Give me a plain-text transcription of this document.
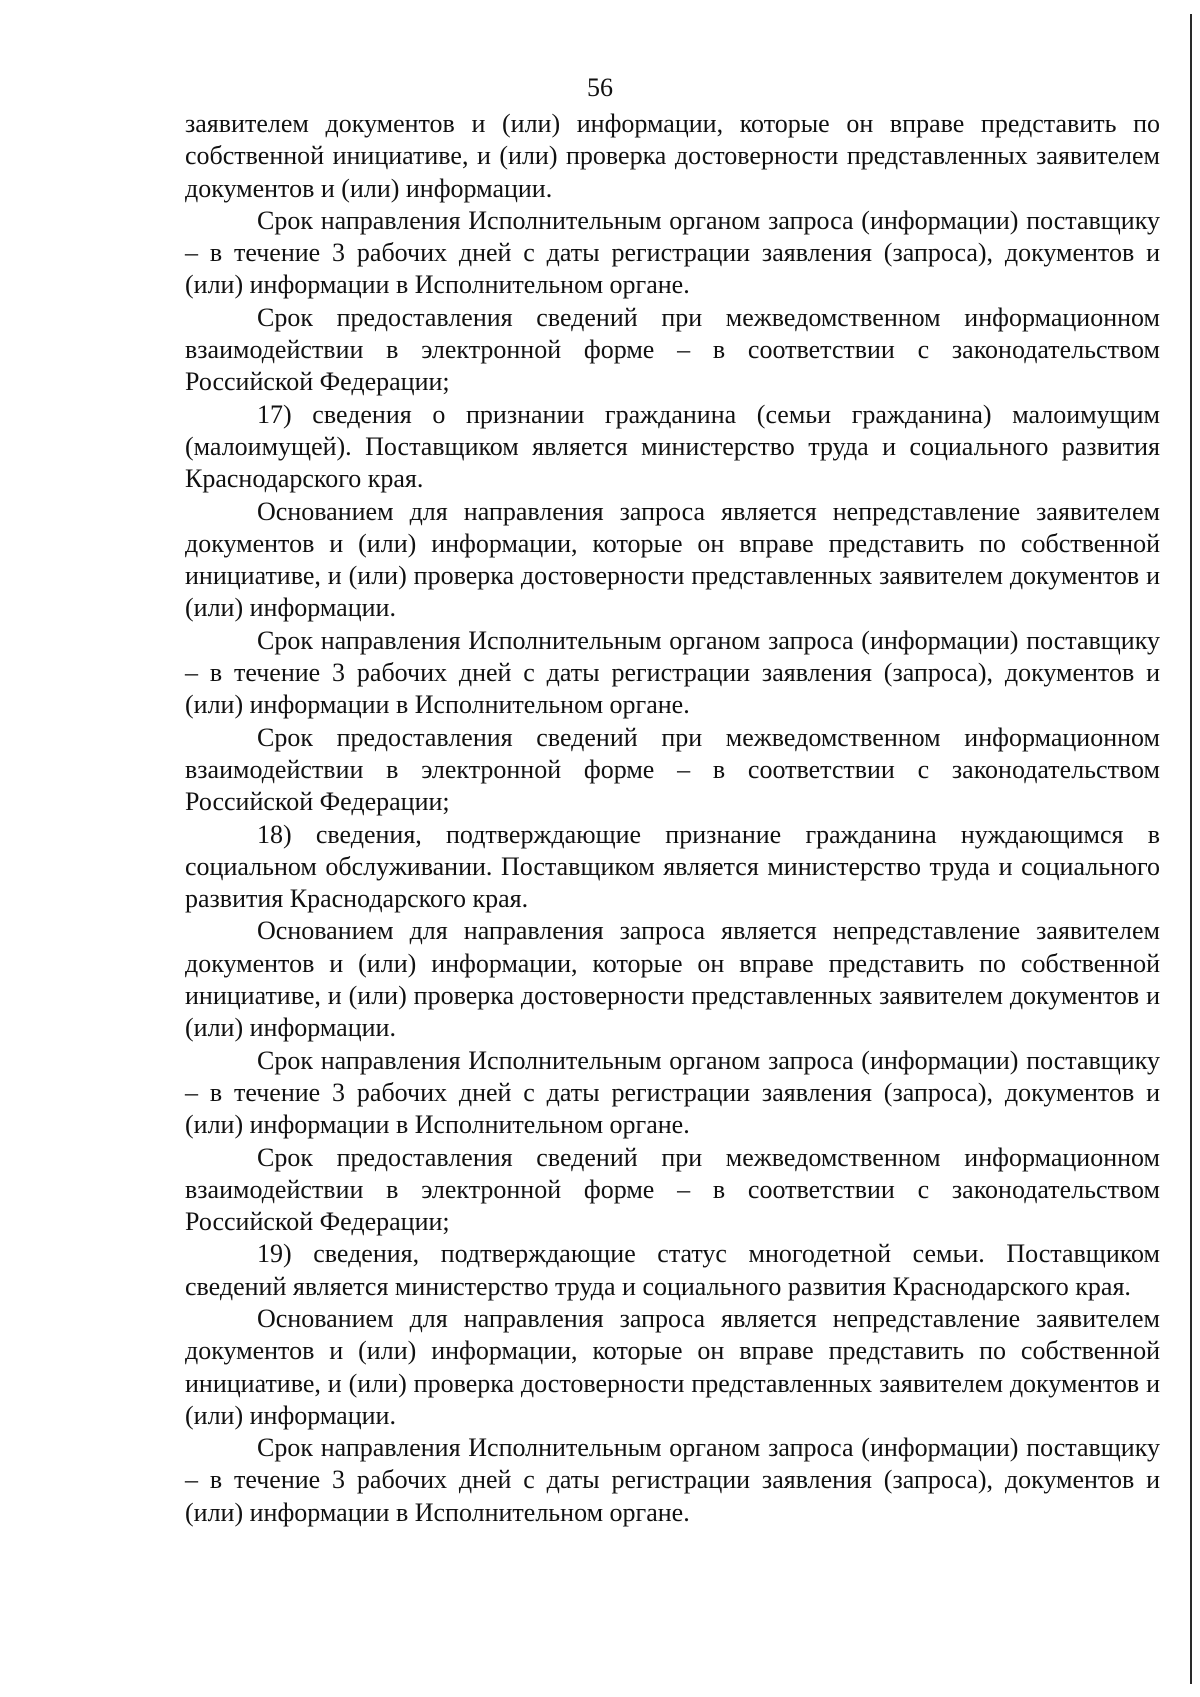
56

заявителем документов и (или) информации, которые он вправе представить по собственной инициативе, и (или) проверка достоверности представленных заявителем документов и (или) информации.

Срок направления Исполнительным органом запроса (информации) поставщику – в течение 3 рабочих дней с даты регистрации заявления (запроса), документов и (или) информации в Исполнительном органе.

Срок предоставления сведений при межведомственном информационном взаимодействии в электронной форме – в соответствии с законодательством Российской Федерации;

17) сведения о признании гражданина (семьи гражданина) малоимущим (малоимущей). Поставщиком является министерство труда и социального развития Краснодарского края.

Основанием для направления запроса является непредставление заявителем документов и (или) информации, которые он вправе представить по собственной инициативе, и (или) проверка достоверности представленных заявителем документов и (или) информации.

Срок направления Исполнительным органом запроса (информации) поставщику – в течение 3 рабочих дней с даты регистрации заявления (запроса), документов и (или) информации в Исполнительном органе.

Срок предоставления сведений при межведомственном информационном взаимодействии в электронной форме – в соответствии с законодательством Российской Федерации;

18) сведения, подтверждающие признание гражданина нуждающимся в социальном обслуживании. Поставщиком является министерство труда и социального развития Краснодарского края.

Основанием для направления запроса является непредставление заявителем документов и (или) информации, которые он вправе представить по собственной инициативе, и (или) проверка достоверности представленных заявителем документов и (или) информации.

Срок направления Исполнительным органом запроса (информации) поставщику – в течение 3 рабочих дней с даты регистрации заявления (запроса), документов и (или) информации в Исполнительном органе.

Срок предоставления сведений при межведомственном информационном взаимодействии в электронной форме – в соответствии с законодательством Российской Федерации;

19) сведения, подтверждающие статус многодетной семьи. Поставщиком сведений является министерство труда и социального развития Краснодарского края.

Основанием для направления запроса является непредставление заявителем документов и (или) информации, которые он вправе представить по собственной инициативе, и (или) проверка достоверности представленных заявителем документов и (или) информации.

Срок направления Исполнительным органом запроса (информации) поставщику – в течение 3 рабочих дней с даты регистрации заявления (запроса), документов и (или) информации в Исполнительном органе.
